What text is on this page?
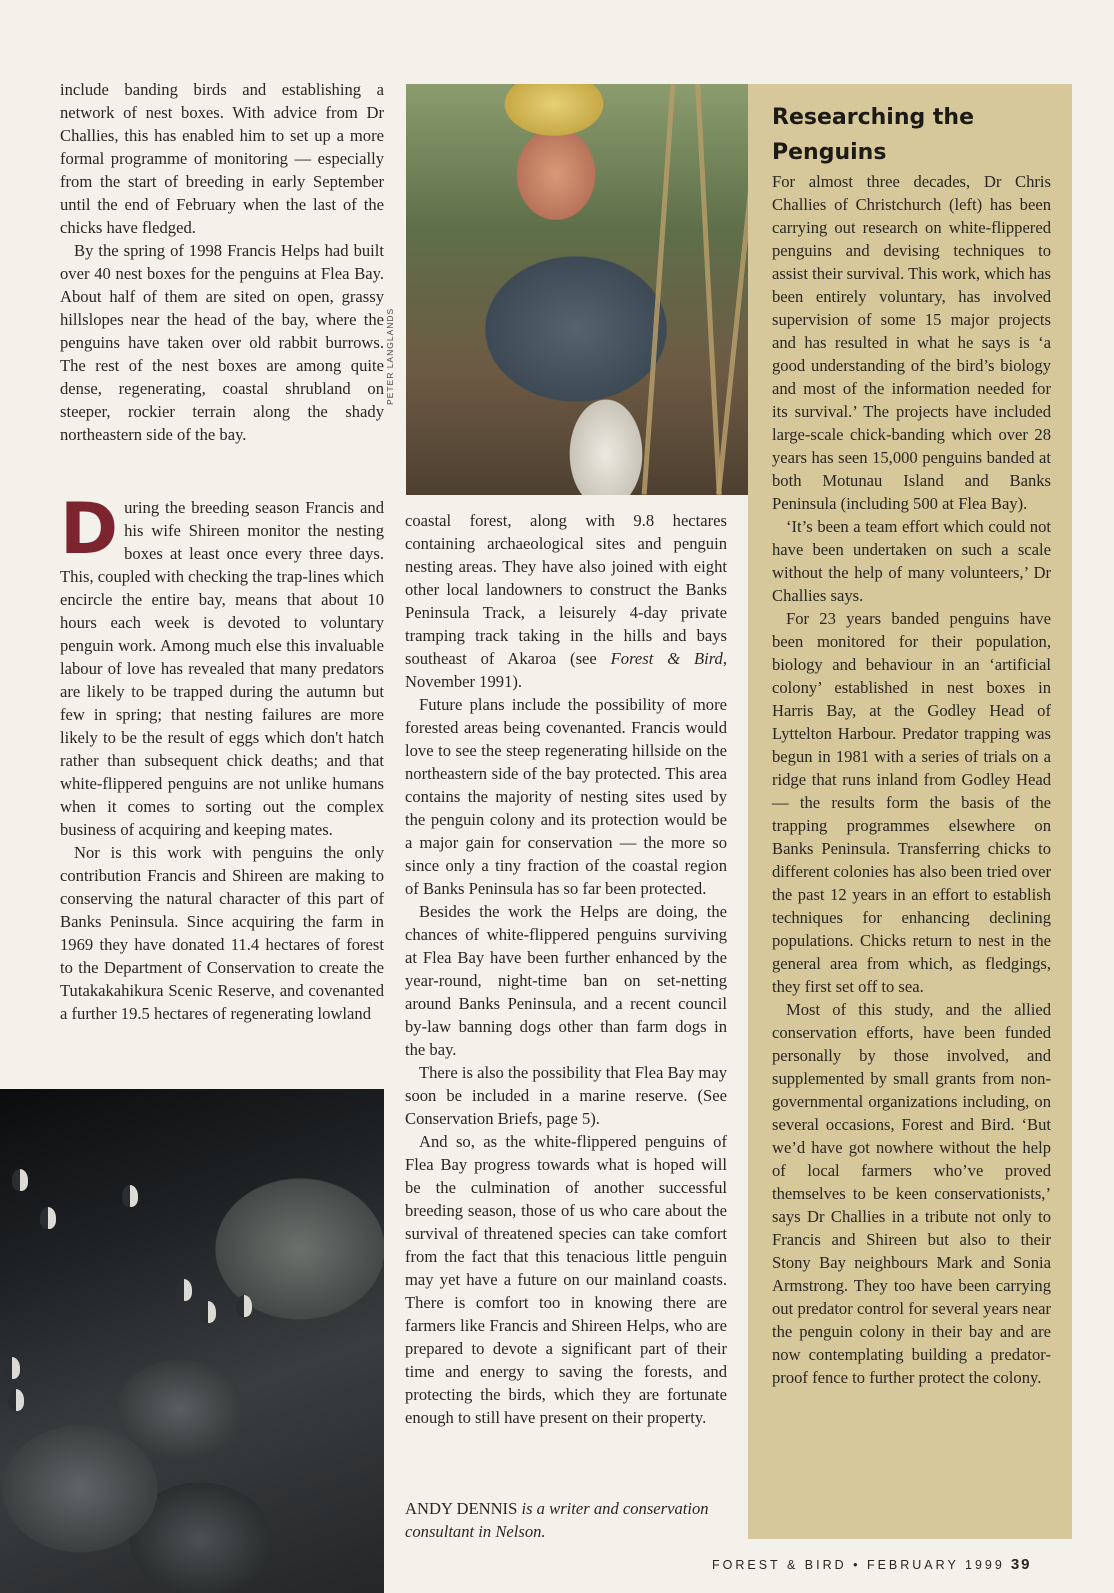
include banding birds and establishing a network of nest boxes. With advice from Dr Challies, this has enabled him to set up a more formal programme of monitoring — especially from the start of breeding in early September until the end of February when the last of the chicks have fledged.

By the spring of 1998 Francis Helps had built over 40 nest boxes for the penguins at Flea Bay. About half of them are sited on open, grassy hillslopes near the head of the bay, where the penguins have taken over old rabbit burrows. The rest of the nest boxes are among quite dense, regenerating, coastal shrubland on steeper, rockier terrain along the shady northeastern side of the bay.

During the breeding season Francis and his wife Shireen monitor the nesting boxes at least once every three days. This, coupled with checking the trap-lines which encircle the entire bay, means that about 10 hours each week is devoted to voluntary penguin work. Among much else this invaluable labour of love has revealed that many predators are likely to be trapped during the autumn but few in spring; that nesting failures are more likely to be the result of eggs which don't hatch rather than subsequent chick deaths; and that white-flippered penguins are not unlike humans when it comes to sorting out the complex business of acquiring and keeping mates.

Nor is this work with penguins the only contribution Francis and Shireen are making to conserving the natural character of this part of Banks Peninsula. Since acquiring the farm in 1969 they have donated 11.4 hectares of forest to the Department of Conservation to create the Tutakakahikura Scenic Reserve, and covenanted a further 19.5 hectares of regenerating lowland

PETER LANGLANDS

coastal forest, along with 9.8 hectares containing archaeological sites and penguin nesting areas. They have also joined with eight other local landowners to construct the Banks Peninsula Track, a leisurely 4-day private tramping track taking in the hills and bays southeast of Akaroa (see Forest & Bird, November 1991).

Future plans include the possibility of more forested areas being covenanted. Francis would love to see the steep regenerating hillside on the northeastern side of the bay protected. This area contains the majority of nesting sites used by the penguin colony and its protection would be a major gain for conservation — the more so since only a tiny fraction of the coastal region of Banks Peninsula has so far been protected.

Besides the work the Helps are doing, the chances of white-flippered penguins surviving at Flea Bay have been further enhanced by the year-round, night-time ban on set-netting around Banks Peninsula, and a recent council by-law banning dogs other than farm dogs in the bay.

There is also the possibility that Flea Bay may soon be included in a marine reserve. (See Conservation Briefs, page 5).

And so, as the white-flippered penguins of Flea Bay progress towards what is hoped will be the culmination of another successful breeding season, those of us who care about the survival of threatened species can take comfort from the fact that this tenacious little penguin may yet have a future on our mainland coasts. There is comfort too in knowing there are farmers like Francis and Shireen Helps, who are prepared to devote a significant part of their time and energy to saving the forests, and protecting the birds, which they are fortunate enough to still have present on their property.

ANDY DENNIS is a writer and conservation consultant in Nelson.
Researching the Penguins

For almost three decades, Dr Chris Challies of Christchurch (left) has been carrying out research on white-flippered penguins and devising techniques to assist their survival. This work, which has been entirely voluntary, has involved supervision of some 15 major projects and has resulted in what he says is ‘a good understanding of the bird’s biology and most of the information needed for its survival.’ The projects have included large-scale chick-banding which over 28 years has seen 15,000 penguins banded at both Motunau Island and Banks Peninsula (including 500 at Flea Bay).

‘It’s been a team effort which could not have been undertaken on such a scale without the help of many volunteers,’ Dr Challies says.

For 23 years banded penguins have been monitored for their population, biology and behaviour in an ‘artificial colony’ established in nest boxes in Harris Bay, at the Godley Head of Lyttelton Harbour. Predator trapping was begun in 1981 with a series of trials on a ridge that runs inland from Godley Head — the results form the basis of the trapping programmes elsewhere on Banks Peninsula. Transferring chicks to different colonies has also been tried over the past 12 years in an effort to establish techniques for enhancing declining populations. Chicks return to nest in the general area from which, as fledgings, they first set off to sea.

Most of this study, and the allied conservation efforts, have been funded personally by those involved, and supplemented by small grants from non-governmental organizations including, on several occasions, Forest and Bird. ‘But we’d have got nowhere without the help of local farmers who’ve proved themselves to be keen conservationists,’ says Dr Challies in a tribute not only to Francis and Shireen but also to their Stony Bay neighbours Mark and Sonia Armstrong. They too have been carrying out predator control for several years near the penguin colony in their bay and are now contemplating building a predator-proof fence to further protect the colony.

FOREST & BIRD • FEBRUARY 1999 39
